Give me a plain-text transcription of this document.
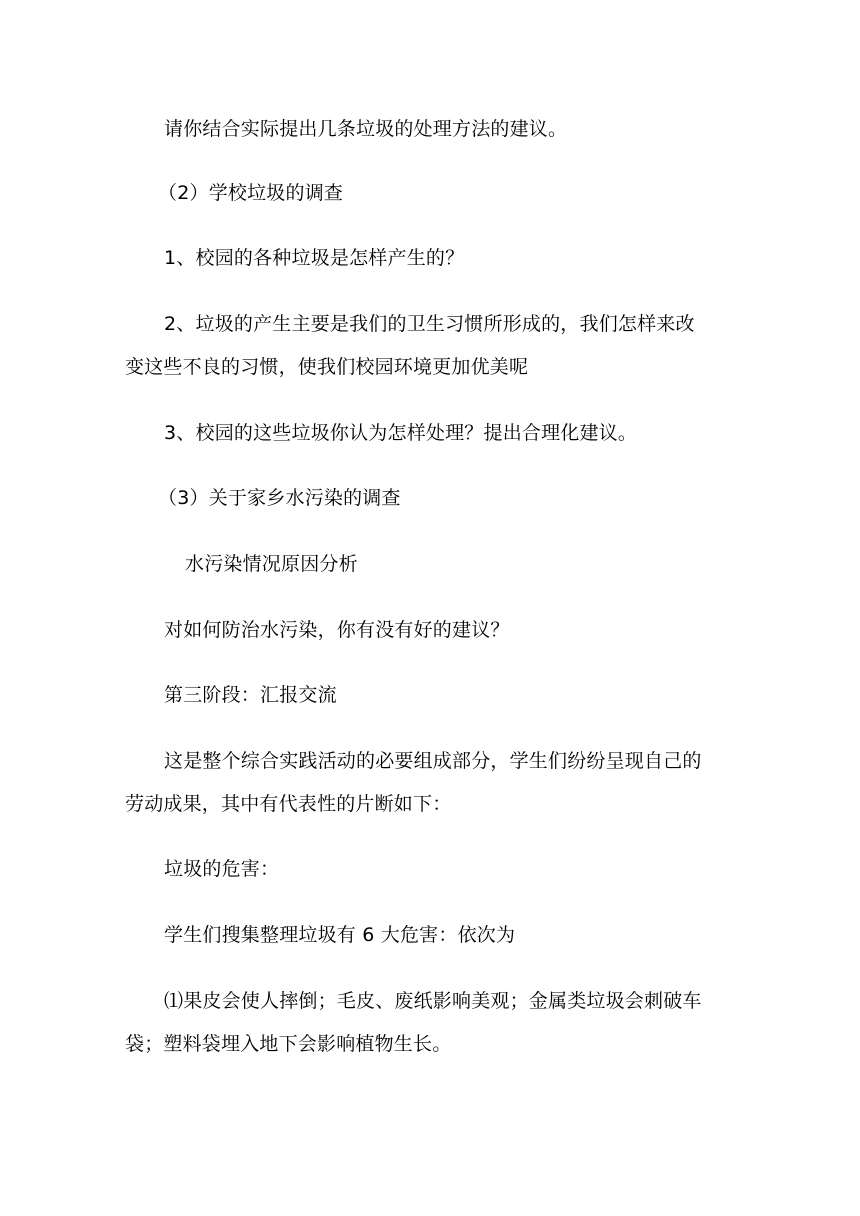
请你结合实际提出几条垃圾的处理方法的建议。

（2）学校垃圾的调查

1、校园的各种垃圾是怎样产生的？

2、垃圾的产生主要是我们的卫生习惯所形成的，我们怎样来改

变这些不良的习惯，使我们校园环境更加优美呢

3、校园的这些垃圾你认为怎样处理？提出合理化建议。

（3）关于家乡水污染的调查

水污染情况原因分析

对如何防治水污染，你有没有好的建议？

第三阶段：汇报交流

这是整个综合实践活动的必要组成部分，学生们纷纷呈现自己的

劳动成果，其中有代表性的片断如下：

垃圾的危害：

学生们搜集整理垃圾有 6 大危害：依次为

⑴果皮会使人摔倒；毛皮、废纸影响美观；金属类垃圾会刺破车

袋；塑料袋埋入地下会影响植物生长。
